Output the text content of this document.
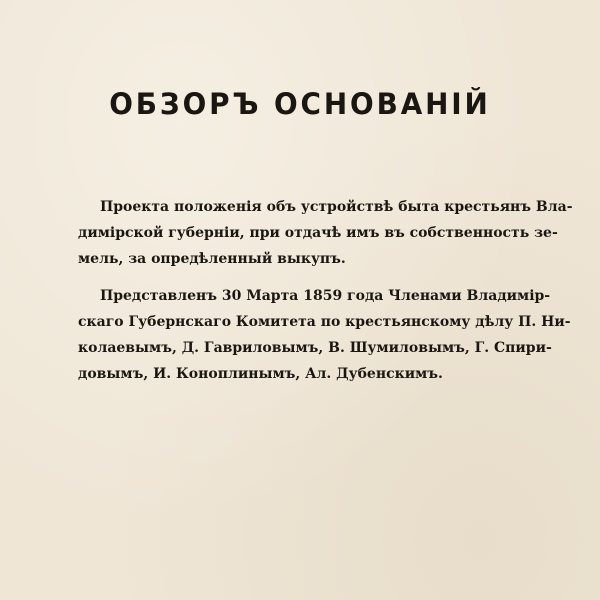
ОБЗОРЪ ОСНОВАНІЙ
Проекта положенія объ устройствѣ быта крестьянъ Вла-
димірской губерніи, при отдачѣ имъ въ собственность зе-
мель, за опредѣленный выкупъ.
Представленъ 30 Марта 1859 года Членами Владимір-
скаго Губернскаго Комитета по крестьянскому дѣлу П. Ни-
колаевымъ, Д. Гавриловымъ, В. Шумиловымъ, Г. Спири-
довымъ, И. Коноплинымъ, Ал. Дубенскимъ.
